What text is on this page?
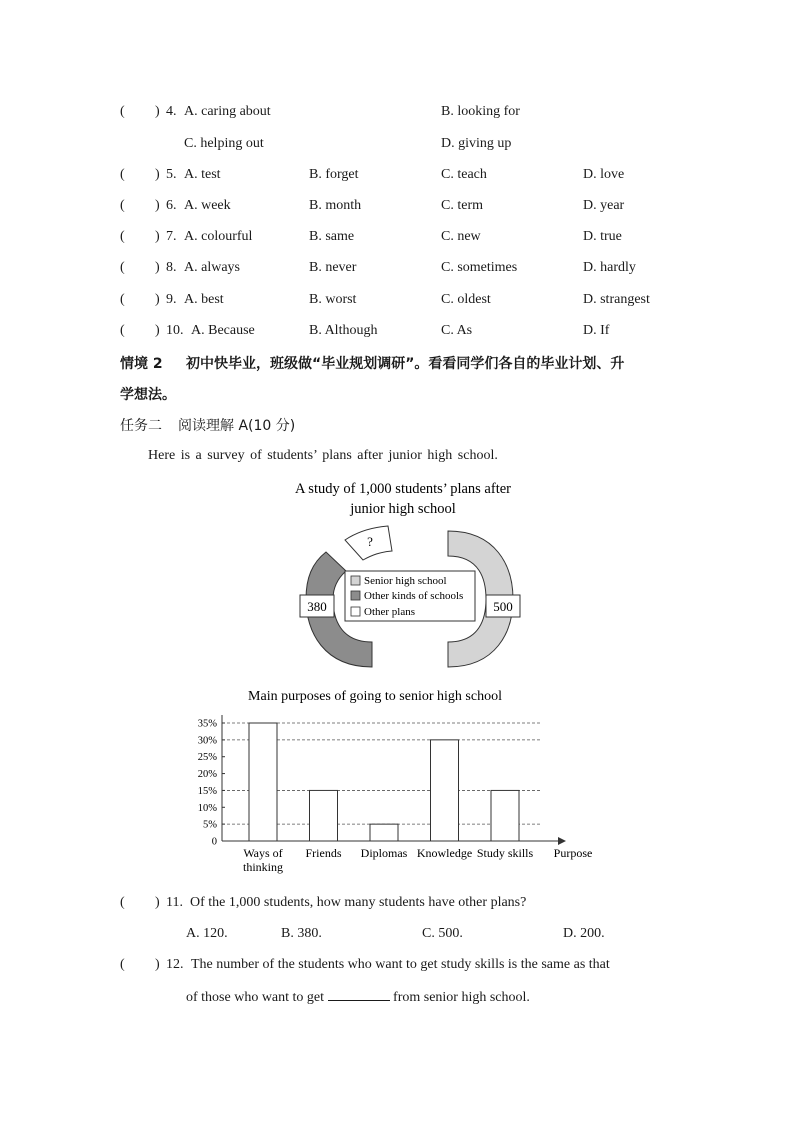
( ) 4. A. caring about	B. looking for
C. helping out	D. giving up
( ) 5. A. test	B. forget	C. teach	D. love
( ) 6. A. week	B. month	C. term	D. year
( ) 7. A. colourful	B. same	C. new	D. true
( ) 8. A. always	B. never	C. sometimes	D. hardly
( ) 9. A. best	B. worst	C. oldest	D. strangest
( ) 10. A. Because	B. Although	C. As	D. If
情境 2 初中快毕业，班级做“毕业规划调研”。看看同学们各自的毕业计划、升
学想法。
任务二 阅读理解 A(10 分)
Here is a survey of students’ plans after junior high school.
A study of 1,000 students’ plans after
junior high school
?
380	500
Senior high school
Other kinds of schools
Other plans
Main purposes of going to senior high school
0
5%
10%
15%
20%
25%
30%
35%
Ways of
thinking
Friends Diplomas Knowledge Study skills Purpose
( ) 11. Of the 1,000 students, how many students have other plans?
A. 120.	B. 380.	C. 500.	D. 200.
( ) 12. The number of the students who want to get study skills is the same as that
of those who want to get	from senior high school.
